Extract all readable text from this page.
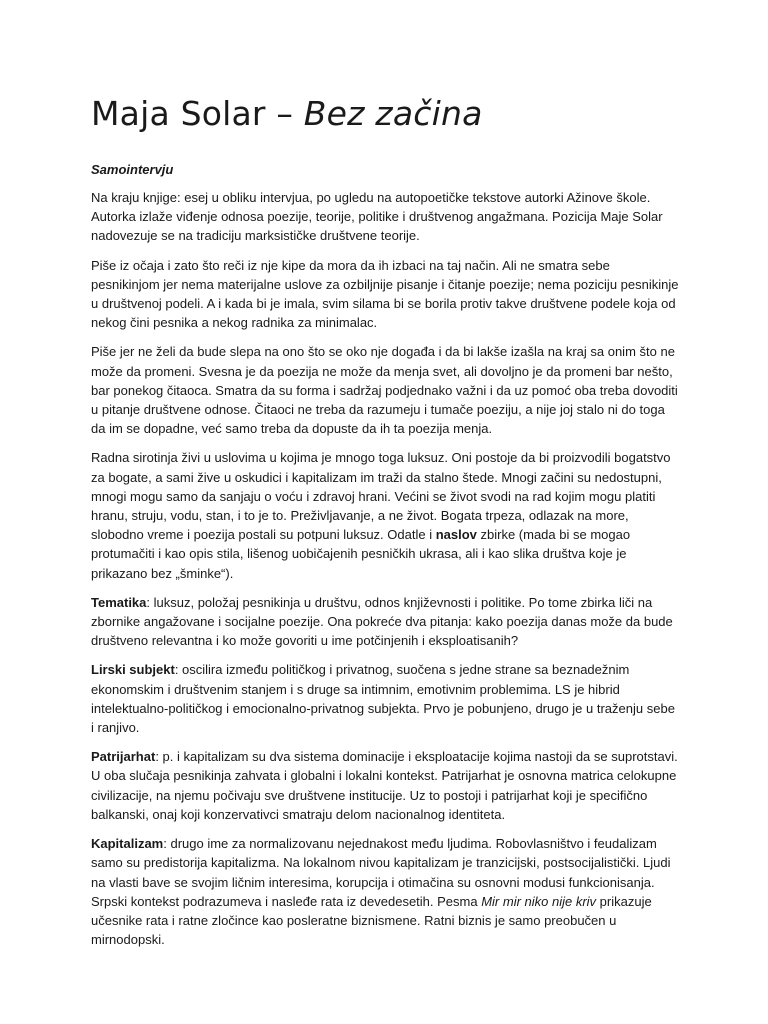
Maja Solar – Bez začina

Samointervju

Na kraju knjige: esej u obliku intervjua, po ugledu na autopoetičke tekstove autorki Ažinove škole. Autorka izlaže viđenje odnosa poezije, teorije, politike i društvenog angažmana. Pozicija Maje Solar nadovezuje se na tradiciju marksističke društvene teorije.

Piše iz očaja i zato što reči iz nje kipe da mora da ih izbaci na taj način. Ali ne smatra sebe pesnikinjom jer nema materijalne uslove za ozbiljnije pisanje i čitanje poezije; nema poziciju pesnikinje u društvenoj podeli. A i kada bi je imala, svim silama bi se borila protiv takve društvene podele koja od nekog čini pesnika a nekog radnika za minimalac.

Piše jer ne želi da bude slepa na ono što se oko nje događa i da bi lakše izašla na kraj sa onim što ne može da promeni. Svesna je da poezija ne može da menja svet, ali dovoljno je da promeni bar nešto, bar ponekog čitaoca. Smatra da su forma i sadržaj podjednako važni i da uz pomoć oba treba dovoditi u pitanje društvene odnose. Čitaoci ne treba da razumeju i tumače poeziju, a nije joj stalo ni do toga da im se dopadne, već samo treba da dopuste da ih ta poezija menja.

Radna sirotinja živi u uslovima u kojima je mnogo toga luksuz. Oni postoje da bi proizvodili bogatstvo za bogate, a sami žive u oskudici i kapitalizam im traži da stalno štede. Mnogi začini su nedostupni, mnogi mogu samo da sanjaju o voću i zdravoj hrani. Većini se život svodi na rad kojim mogu platiti hranu, struju, vodu, stan, i to je to. Preživljavanje, a ne život. Bogata trpeza, odlazak na more, slobodno vreme i poezija postali su potpuni luksuz. Odatle i naslov zbirke (mada bi se mogao protumačiti i kao opis stila, lišenog uobičajenih pesničkih ukrasa, ali i kao slika društva koje je prikazano bez „šminke“).

Tematika: luksuz, položaj pesnikinja u društvu, odnos književnosti i politike. Po tome zbirka liči na zbornike angažovane i socijalne poezije. Ona pokreće dva pitanja: kako poezija danas može da bude društveno relevantna i ko može govoriti u ime potčinjenih i eksploatisanih?

Lirski subjekt: oscilira između političkog i privatnog, suočena s jedne strane sa beznadežnim ekonomskim i društvenim stanjem i s druge sa intimnim, emotivnim problemima. LS je hibrid intelektualno-političkog i emocionalno-privatnog subjekta. Prvo je pobunjeno, drugo je u traženju sebe i ranjivo.

Patrijarhat: p. i kapitalizam su dva sistema dominacije i eksploatacije kojima nastoji da se suprotstavi. U oba slučaja pesnikinja zahvata i globalni i lokalni kontekst. Patrijarhat je osnovna matrica celokupne civilizacije, na njemu počivaju sve društvene institucije. Uz to postoji i patrijarhat koji je specifično balkanski, onaj koji konzervativci smatraju delom nacionalnog identiteta.

Kapitalizam: drugo ime za normalizovanu nejednakost među ljudima. Robovlasništvo i feudalizam samo su predistorija kapitalizma. Na lokalnom nivou kapitalizam je tranzicijski, postsocijalistički. Ljudi na vlasti bave se svojim ličnim interesima, korupcija i otimačina su osnovni modusi funkcionisanja. Srpski kontekst podrazumeva i nasleđe rata iz devedesetih. Pesma Mir mir niko nije kriv prikazuje učesnike rata i ratne zločince kao posleratne biznismene. Ratni biznis je samo preobučen u mirnodopski.
